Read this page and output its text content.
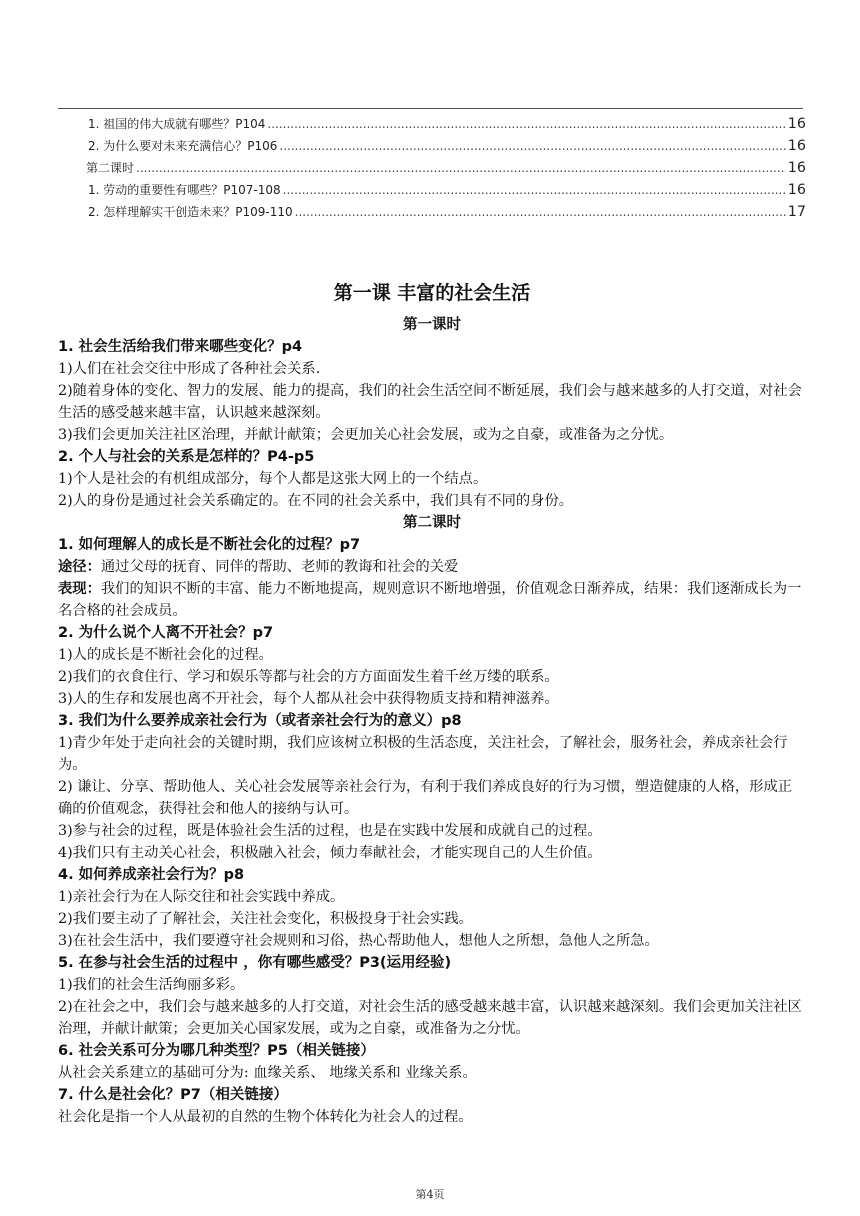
1. 祖国的伟大成就有哪些？P104 .....	16
2. 为什么要对未来充满信心？P106 .....	16
第二课时 .....	16
1. 劳动的重要性有哪些？P107-108 .....	16
2. 怎样理解实干创造未来？P109-110 .....	17
第一课 丰富的社会生活
第一课时
1. 社会生活给我们带来哪些变化？p4

1)人们在社会交往中形成了各种社会关系.

2)随着身体的变化、智力的发展、能力的提高，我们的社会生活空间不断延展，我们会与越来越多的人打交道，对社会生活的感受越来越丰富，认识越来越深刻。

3)我们会更加关注社区治理，并献计献策；会更加关心社会发展，或为之自豪，或准备为之分忧。

2. 个人与社会的关系是怎样的？P4-p5

1)个人是社会的有机组成部分，每个人都是这张大网上的一个结点。

2)人的身份是通过社会关系确定的。在不同的社会关系中，我们具有不同的身份。

第二课时
1. 如何理解人的成长是不断社会化的过程？p7

途径：通过父母的抚育、同伴的帮助、老师的教诲和社会的关爱

表现：我们的知识不断的丰富、能力不断地提高，规则意识不断地增强，价值观念日渐养成，结果：我们逐渐成长为一名合格的社会成员。

2. 为什么说个人离不开社会？p7

1)人的成长是不断社会化的过程。

2)我们的衣食住行、学习和娱乐等都与社会的方方面面发生着千丝万缕的联系。

3)人的生存和发展也离不开社会，每个人都从社会中获得物质支持和精神滋养。

3. 我们为什么要养成亲社会行为（或者亲社会行为的意义）p8

1)青少年处于走向社会的关键时期，我们应该树立积极的生活态度，关注社会，了解社会，服务社会，养成亲社会行为。

2) 谦让、分享、帮助他人、关心社会发展等亲社会行为，有利于我们养成良好的行为习惯，塑造健康的人格，形成正确的价值观念，获得社会和他人的接纳与认可。

3)参与社会的过程，既是体验社会生活的过程，也是在实践中发展和成就自己的过程。

4)我们只有主动关心社会，积极融入社会，倾力奉献社会，才能实现自己的人生价值。

4. 如何养成亲社会行为？p8

1)亲社会行为在人际交往和社会实践中养成。

2)我们要主动了了解社会，关注社会变化，积极投身于社会实践。

3)在社会生活中，我们要遵守社会规则和习俗，热心帮助他人，想他人之所想，急他人之所急。

5. 在参与社会生活的过程中 ，你有哪些感受？P3(运用经验)

1)我们的社会生活绚丽多彩。

2)在社会之中，我们会与越来越多的人打交道，对社会生活的感受越来越丰富，认识越来越深刻。我们会更加关注社区治理，并献计献策；会更加关心国家发展，或为之自豪，或准备为之分忧。

6. 社会关系可分为哪几种类型？P5（相关链接）

从社会关系建立的基础可分为: 血缘关系、 地缘关系和 业缘关系。

7. 什么是社会化？P7（相关链接）

社会化是指一个人从最初的自然的生物个体转化为社会人的过程。

第4页
